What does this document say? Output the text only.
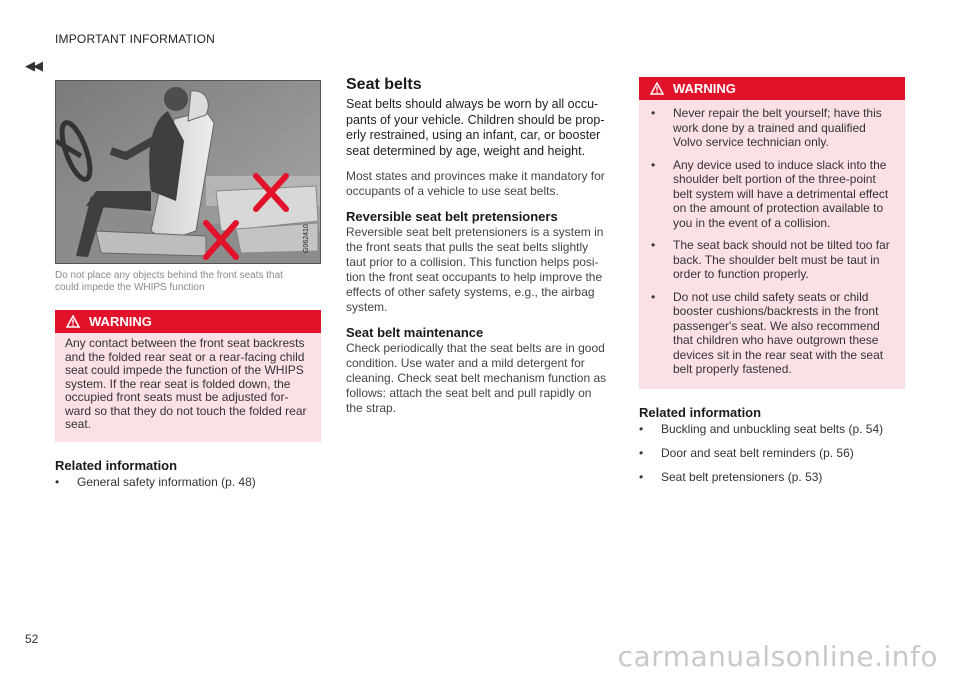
IMPORTANT INFORMATION
◀◀
G062410
Do not place any objects behind the front seats that could impede the WHIPS function
WARNING
Any contact between the front seat backrests and the folded rear seat or a rear-facing child seat could impede the function of the WHIPS system. If the rear seat is folded down, the occupied front seats must be adjusted for-ward so that they do not touch the folded rear seat.
Related information
•	General safety information (p. 48)
Seat belts

Seat belts should always be worn by all occu-pants of your vehicle. Children should be prop-erly restrained, using an infant, car, or booster seat determined by age, weight and height.

Most states and provinces make it mandatory for occupants of a vehicle to use seat belts.

Reversible seat belt pretensioners

Reversible seat belt pretensioners is a system in the front seats that pulls the seat belts slightly taut prior to a collision. This function helps posi-tion the front seat occupants to help improve the effects of other safety systems, e.g., the airbag system.

Seat belt maintenance

Check periodically that the seat belts are in good condition. Use water and a mild detergent for cleaning. Check seat belt mechanism function as follows: attach the seat belt and pull rapidly on the strap.

WARNING
•	Never repair the belt yourself; have this work done by a trained and qualified Volvo service technician only.
•	Any device used to induce slack into the shoulder belt portion of the three-point belt system will have a detrimental effect on the amount of protection available to you in the event of a collision.
•	The seat back should not be tilted too far back. The shoulder belt must be taut in order to function properly.
•	Do not use child safety seats or child booster cushions/backrests in the front passenger's seat. We also recommend that children who have outgrown these devices sit in the rear seat with the seat belt properly fastened.
Related information
•	Buckling and unbuckling seat belts (p. 54)
•	Door and seat belt reminders (p. 56)
•	Seat belt pretensioners (p. 53)
52
carmanualsonline.info
